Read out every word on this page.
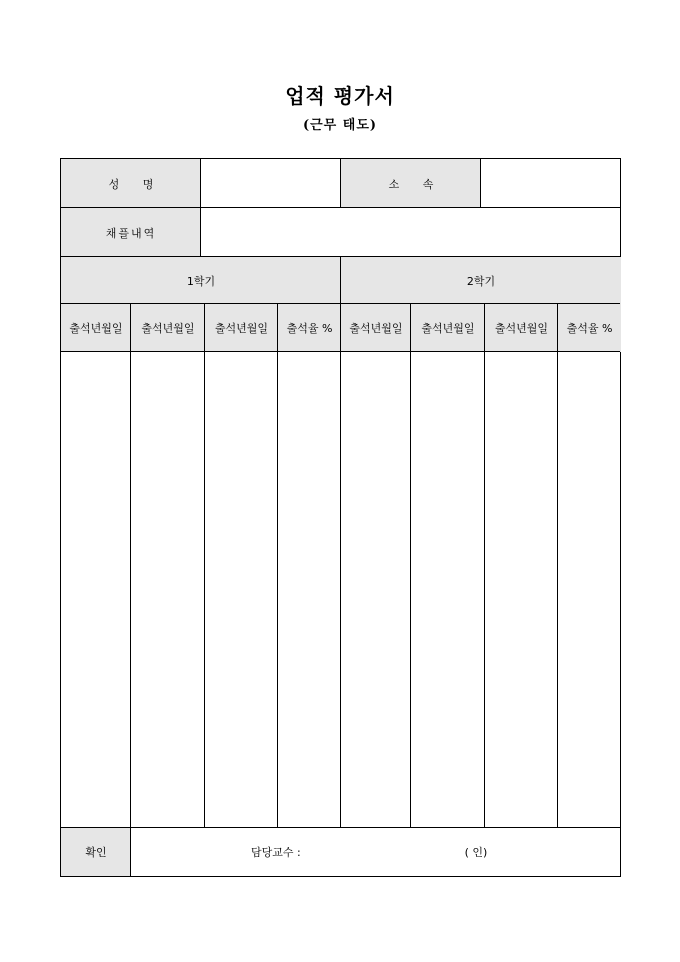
업적 평가서
(근무 태도)
성 명	소 속
채플내역
1학기	2학기
출석년월일	출석년월일	출석년월일	출석율 %	출석년월일	출석년월일	출석년월일	출석율 %
확인	담당교수 :	( 인)
